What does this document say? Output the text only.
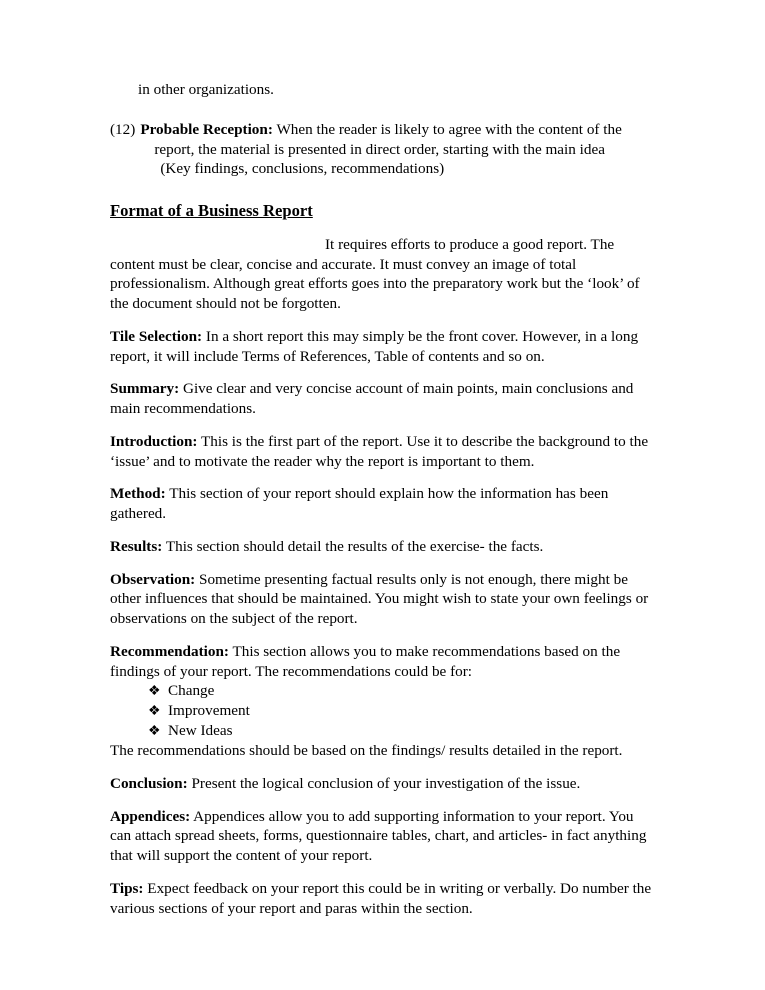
in other organizations.

(12) Probable Reception: When the reader is likely to agree with the content of the
report, the material is presented in direct order, starting with the main idea
(Key findings, conclusions, recommendations)
Format of a Business Report

It requires efforts to produce a good report. The content must be clear, concise and accurate. It must convey an image of total professionalism. Although great efforts goes into the preparatory work but the ‘look’ of the document should not be forgotten.

Tile Selection: In a short report this may simply be the front cover. However, in a long report, it will include Terms of References, Table of contents and so on.

Summary: Give clear and very concise account of main points, main conclusions and main recommendations.

Introduction: This is the first part of the report. Use it to describe the background to the ‘issue’ and to motivate the reader why the report is important to them.

Method: This section of your report should explain how the information has been gathered.

Results: This section should detail the results of the exercise- the facts.

Observation: Sometime presenting factual results only is not enough, there might be other influences that should be maintained. You might wish to state your own feelings or observations on the subject of the report.

Recommendation: This section allows you to make recommendations based on the findings of your report. The recommendations could be for:

❖ Change
❖ Improvement
❖ New Ideas

The recommendations should be based on the findings/ results detailed in the report.

Conclusion: Present the logical conclusion of your investigation of the issue.

Appendices: Appendices allow you to add supporting information to your report. You can attach spread sheets, forms, questionnaire tables, chart, and articles- in fact anything that will support the content of your report.

Tips: Expect feedback on your report this could be in writing or verbally. Do number the various sections of your report and paras within the section.
